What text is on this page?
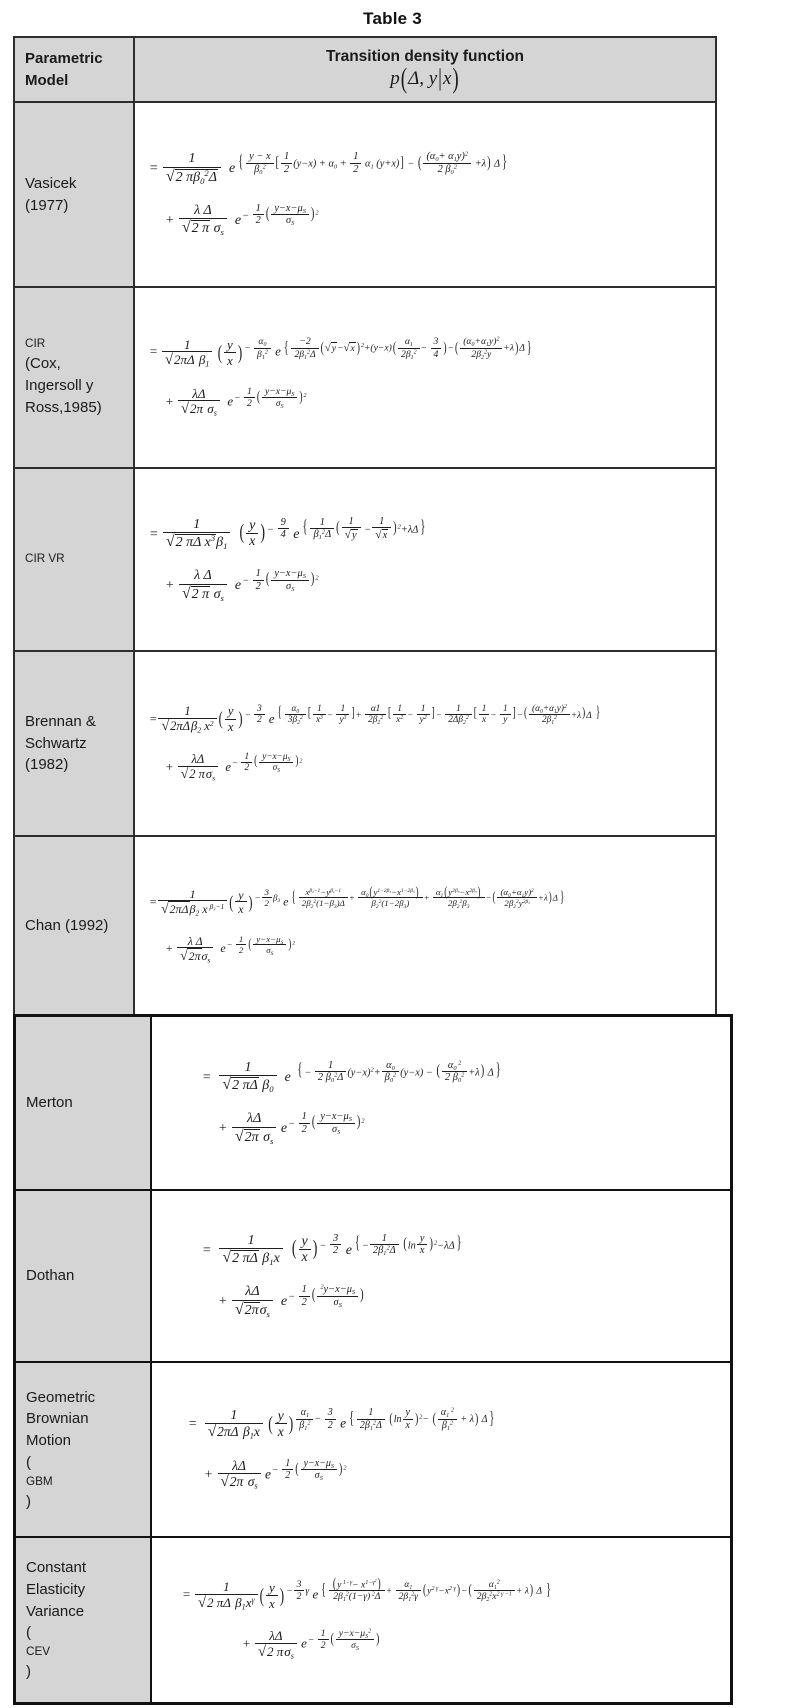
Table 3
Parametric
Model
Transition density function
p(Δ, y|x)
Vasicek
(1977)
= 1
√ 2 $\pi\beta_0^2\Delta$ e { $\frac{y - x}{\beta_0^2}$ [ $\frac{1}{2} (y-x) + \alpha_0 + \frac{1}{2} \alpha_1$ (y+x)] − ( $\frac{(\alpha_0+ \alpha_1y)^2}{2 \beta_0^2} +\lambda$) Δ }
+ λ Δ
√ 2 π $\sigma_s$ $e- \frac{1}{2}$ ( $\frac{y-x-\mu_S}{\sigma_S} )^2$
CIR
(Cox,
Ingersoll y
Ross,1985)
= 1
√ 2πΔ $\beta_1$ ( $\frac{y}{x}$ ) − $\frac{\alpha_0}{\beta_1^2}$ e { $\frac{-2}{2\beta_1^2\Delta}$ ( √ y− √ x )$^2+(y-x)( \frac{\alpha_1}{2\beta_1^2} - \frac{3}{4}$ )−( $\frac{(\alpha_0+\alpha_1y)^2}{2\beta_2^2y} +\lambda)\Delta$ }
+ λΔ
√ 2π $\sigma_s$ $e- \frac{1}{2}$ ( $\frac{y-x-\mu_S}{\sigma_S} )^2$
CIR VR
= 1
√ 2 πΔ $x^3\beta_1$ ( $\frac{y}{x}$ ) − $\frac{9}{4}$ e { $\frac{1}{\beta_1^2\Delta}$ ( 1
√ y − 1
√ x )$^2$+λΔ }
+ λ Δ
√ 2 π $\sigma_s$ $e- \frac{1}{2}$ ( $\frac{y-x-\mu_S}{\sigma_S} )^2$
Brennan &
Schwartz
(1982)
=
1
√ 2πΔβ$_2$ $x^2$ ( $\frac{y}{x}$ ) − $\frac{3}{2}$ e { $\frac{\alpha_0}{3\beta_2^2}$ [ $\frac{1}{x^3} - \frac{1}{y^3}$ ]+ $\frac{\alpha 1}{2\beta_2^2}$ [ $\frac{1}{x^2} - \frac{1}{y^2}$ ]− $\frac{1}{2\Delta\beta_2^2}$ [ $\frac{1}{x} - \frac{1}{y}$ ]−( $\frac{(\alpha_0+\alpha_1y)^2}{2\beta_1^2} +\lambda)\Delta$ }
+
λΔ
√ 2 $\pi\sigma_s$
$e- \frac{1}{2}$ ( $\frac{y-x-\mu_S}{\sigma_S} )^2$
Chan (1992)
=
1
√ 2πΔβ$_2$ x $^{\beta_3-1}$ ( $\frac{y}{x}$ ) − $\frac{3}{2} \beta_3$ e { $\frac{x^{\beta_3-1}-y^{\beta_2-1}}{2\beta_2^2(1-\beta_3)\Delta} + \frac{\alpha_0(y^{1-2\beta_3}-x^{1-2\beta_3})}{\beta_2^2(1-2\beta_3)} + \frac{\alpha_1(y^{2\beta_3}-x^{2\beta_3})}{2\beta_2^2\beta_3}$ −( $\frac{(\alpha_0+\alpha_1y)^2}{2\beta_2^2y^{2\beta_3}} +\lambda)\Delta$ }
+
λ Δ
√ $2\pi\sigma_s$
$e- \frac{1}{2}$ ( $\frac{y-x-\mu_S}{\sigma_S} )^2$
Merton
= 1
√ 2 πΔ $\beta_0$ e { − $\frac{1}{2 \beta_0^2\Delta} (y-x)^2+ \frac{\alpha_0}{\beta_0^2} (y-x)$ − ( $\frac{\alpha_0 ^2}{2 \beta_0^2} +\lambda$) Δ }
+ λΔ
√ 2π $\sigma_s$ $e- \frac{1}{2}$ ( $\frac{y-x-\mu_S}{\sigma_S} )^2$
Dothan
= 1
√ 2 πΔ $\beta_1x$ ( $\frac{y}{x}$ ) − $\frac{3}{2}$ e { − $\frac{1}{2\beta_1^2\Delta} (\ln \frac{y}{x} )^2-\lambda\Delta$ }
+
λΔ
√ $2\pi\sigma_s$
$e- \frac{1}{2}$ ( $\frac{^2y-x-\mu_S}{\sigma_S}$ )
Geometric
Brownian
Motion
(
GBM
)
= 1
√ 2πΔ $\beta_1x$ ( $\frac{y}{x}$ ) $\frac{\alpha_1}{\beta_1^2} - \frac{3}{2}$ e { $\frac{1}{2\beta_1^2\Delta} (\ln \frac{y}{x} )^2-$ ( $\frac{\alpha_1 ^2}{\beta_1^2} + \lambda$) Δ }
+ λΔ
√ 2π $\sigma_s$ $e- \frac{1}{2}$ ( $\frac{y-x-\mu_S}{\sigma_S} )^2$
Constant
Elasticity
Variance
(
CEV
)
= 1
√ 2 πΔ $\beta_1x^\gamma$ ( $\frac{y}{x}$ ) − $\frac{3}{2}$ γ e { $\frac{(y ^{1-\gamma}- x^{1-\gamma^2})}{2\beta_1^2(1-\gamma) ^2\Delta} + \frac{\alpha_1}{2\beta_1^2\gamma} (y^{2 \gamma}-x^{2 \gamma})-( \frac{\alpha_1^2}{2\beta_2^2x^{2 \gamma -1}} + \lambda)$ Δ }
+	λΔ
√ 2 $\pi\sigma_s$
$e- \frac{1}{2}$ ( $\frac{y-x-\mu_S^2}{\sigma_S}$ )
